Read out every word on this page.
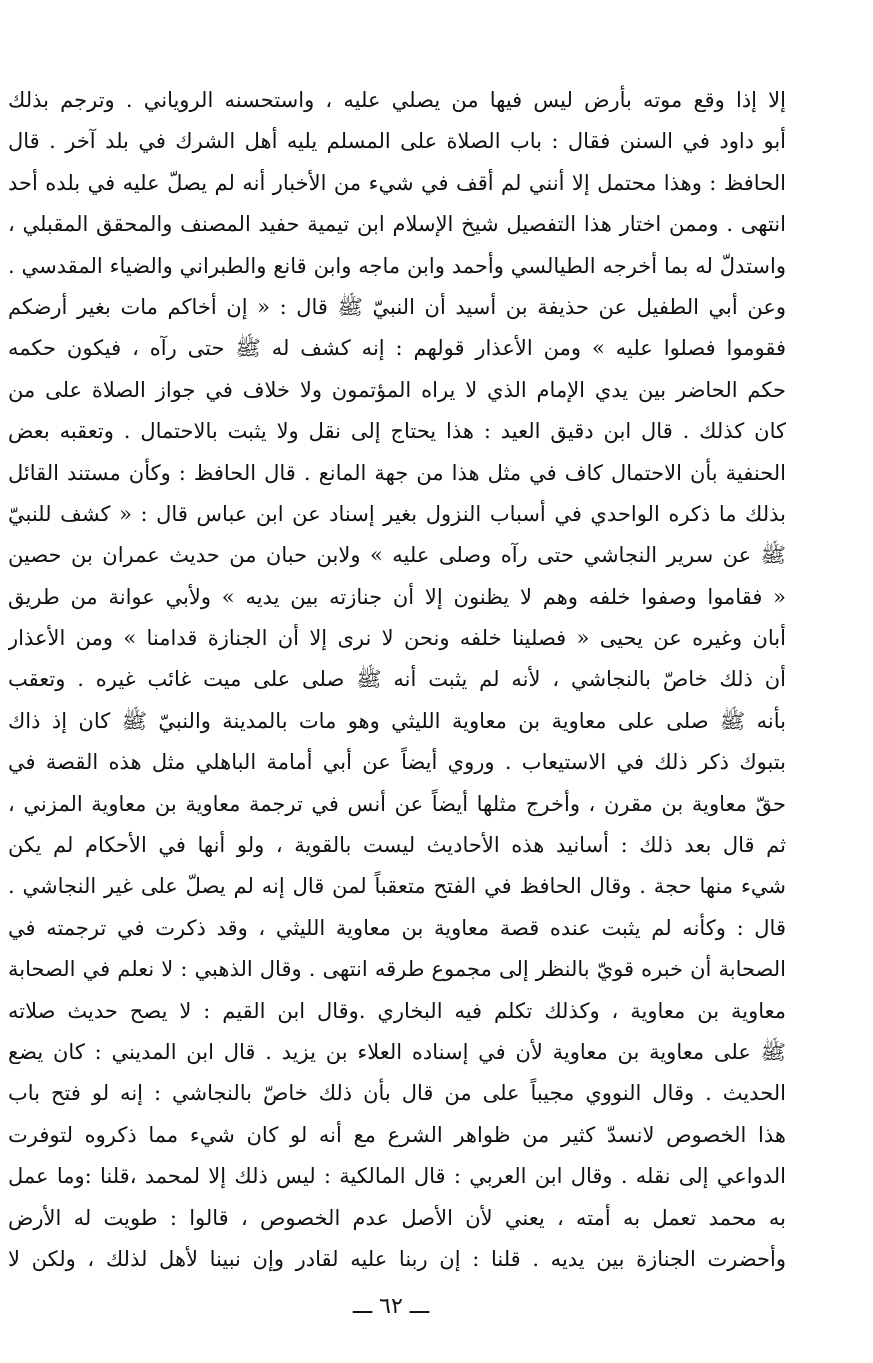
إلا إذا وقع موته بأرض ليس فيها من يصلي عليه ، واستحسنه الروياني . وترجم بذلك
أبو داود في السنن فقال : باب الصلاة على المسلم يليه أهل الشرك في بلد آخر . قال
الحافظ : وهذا محتمل إلا أنني لم أقف في شيء من الأخبار أنه لم يصلّ عليه في بلده أحد
انتهى . وممن اختار هذا التفصيل شيخ الإسلام ابن تيمية حفيد المصنف والمحقق المقبلي ،
واستدلّ له بما أخرجه الطيالسي وأحمد وابن ماجه وابن قانع والطبراني والضياء المقدسي .
وعن أبي الطفيل عن حذيفة بن أسيد أن النبيّ ﷺ قال : « إن أخاكم مات بغير أرضكم
فقوموا فصلوا عليه » ومن الأعذار قولهم : إنه كشف له ﷺ حتى رآه ، فيكون حكمه
حكم الحاضر بين يدي الإمام الذي لا يراه المؤتمون ولا خلاف في جواز الصلاة على من
كان كذلك . قال ابن دقيق العيد : هذا يحتاج إلى نقل ولا يثبت بالاحتمال . وتعقبه بعض
الحنفية بأن الاحتمال كاف في مثل هذا من جهة المانع . قال الحافظ : وكأن مستند القائل
بذلك ما ذكره الواحدي في أسباب النزول بغير إسناد عن ابن عباس قال : « كشف للنبيّ
ﷺ عن سرير النجاشي حتى رآه وصلى عليه » ولابن حبان من حديث عمران بن حصين
« فقاموا وصفوا خلفه وهم لا يظنون إلا أن جنازته بين يديه » ولأبي عوانة من طريق
أبان وغيره عن يحيى « فصلينا خلفه ونحن لا نرى إلا أن الجنازة قدامنا » ومن الأعذار
أن ذلك خاصّ بالنجاشي ، لأنه لم يثبت أنه ﷺ صلى على ميت غائب غيره . وتعقب
بأنه ﷺ صلى على معاوية بن معاوية الليثي وهو مات بالمدينة والنبيّ ﷺ كان إذ ذاك
بتبوك ذكر ذلك في الاستيعاب . وروي أيضاً عن أبي أمامة الباهلي مثل هذه القصة في
حقّ معاوية بن مقرن ، وأخرج مثلها أيضاً عن أنس في ترجمة معاوية بن معاوية المزني ،
ثم قال بعد ذلك : أسانيد هذه الأحاديث ليست بالقوية ، ولو أنها في الأحكام لم يكن
شيء منها حجة . وقال الحافظ في الفتح متعقباً لمن قال إنه لم يصلّ على غير النجاشي .
قال : وكأنه لم يثبت عنده قصة معاوية بن معاوية الليثي ، وقد ذكرت في ترجمته في
الصحابة أن خبره قويّ بالنظر إلى مجموع طرقه انتهى . وقال الذهبي : لا نعلم في الصحابة
معاوية بن معاوية ، وكذلك تكلم فيه البخاري .وقال ابن القيم : لا يصح حديث صلاته
ﷺ على معاوية بن معاوية لأن في إسناده العلاء بن يزيد . قال ابن المديني : كان يضع
الحديث . وقال النووي مجيباً على من قال بأن ذلك خاصّ بالنجاشي : إنه لو فتح باب
هذا الخصوص لانسدّ كثير من ظواهر الشرع مع أنه لو كان شيء مما ذكروه لتوفرت
الدواعي إلى نقله . وقال ابن العربي : قال المالكية : ليس ذلك إلا لمحمد ،قلنا :وما عمل
به محمد تعمل به أمته ، يعني لأن الأصل عدم الخصوص ، قالوا : طويت له الأرض
وأحضرت الجنازة بين يديه . قلنا : إن ربنا عليه لقادر وإن نبينا لأهل لذلك ، ولكن لا
ـــ ٦٢ ـــ
